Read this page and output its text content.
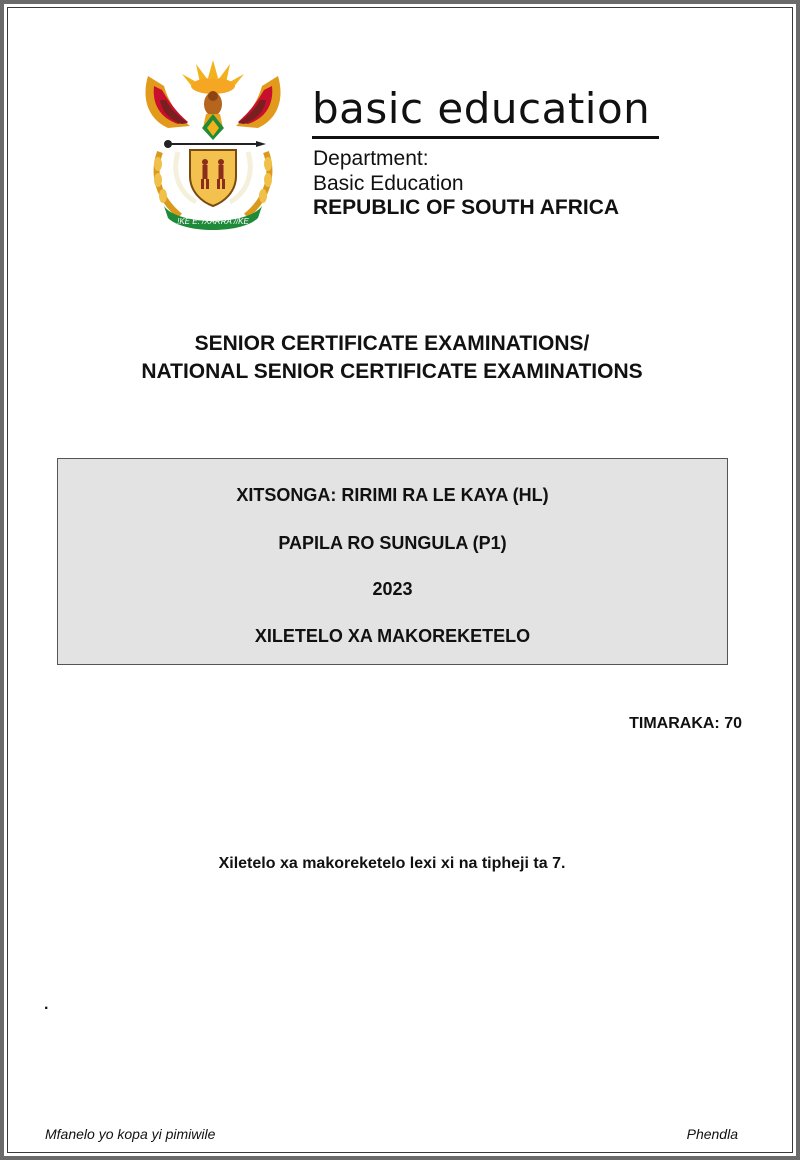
!KE E: /XARRA //KE
basic education
Department:
Basic Education
REPUBLIC OF SOUTH AFRICA
SENIOR CERTIFICATE EXAMINATIONS/
NATIONAL SENIOR CERTIFICATE EXAMINATIONS
XITSONGA: RIRIMI RA LE KAYA (HL)
PAPILA RO SUNGULA (P1)
2023
XILETELO XA MAKOREKETELO
TIMARAKA: 70
Xiletelo xa makoreketelo lexi xi na tipheji ta 7.
.
Mfanelo yo kopa yi pimiwile	Phendla
